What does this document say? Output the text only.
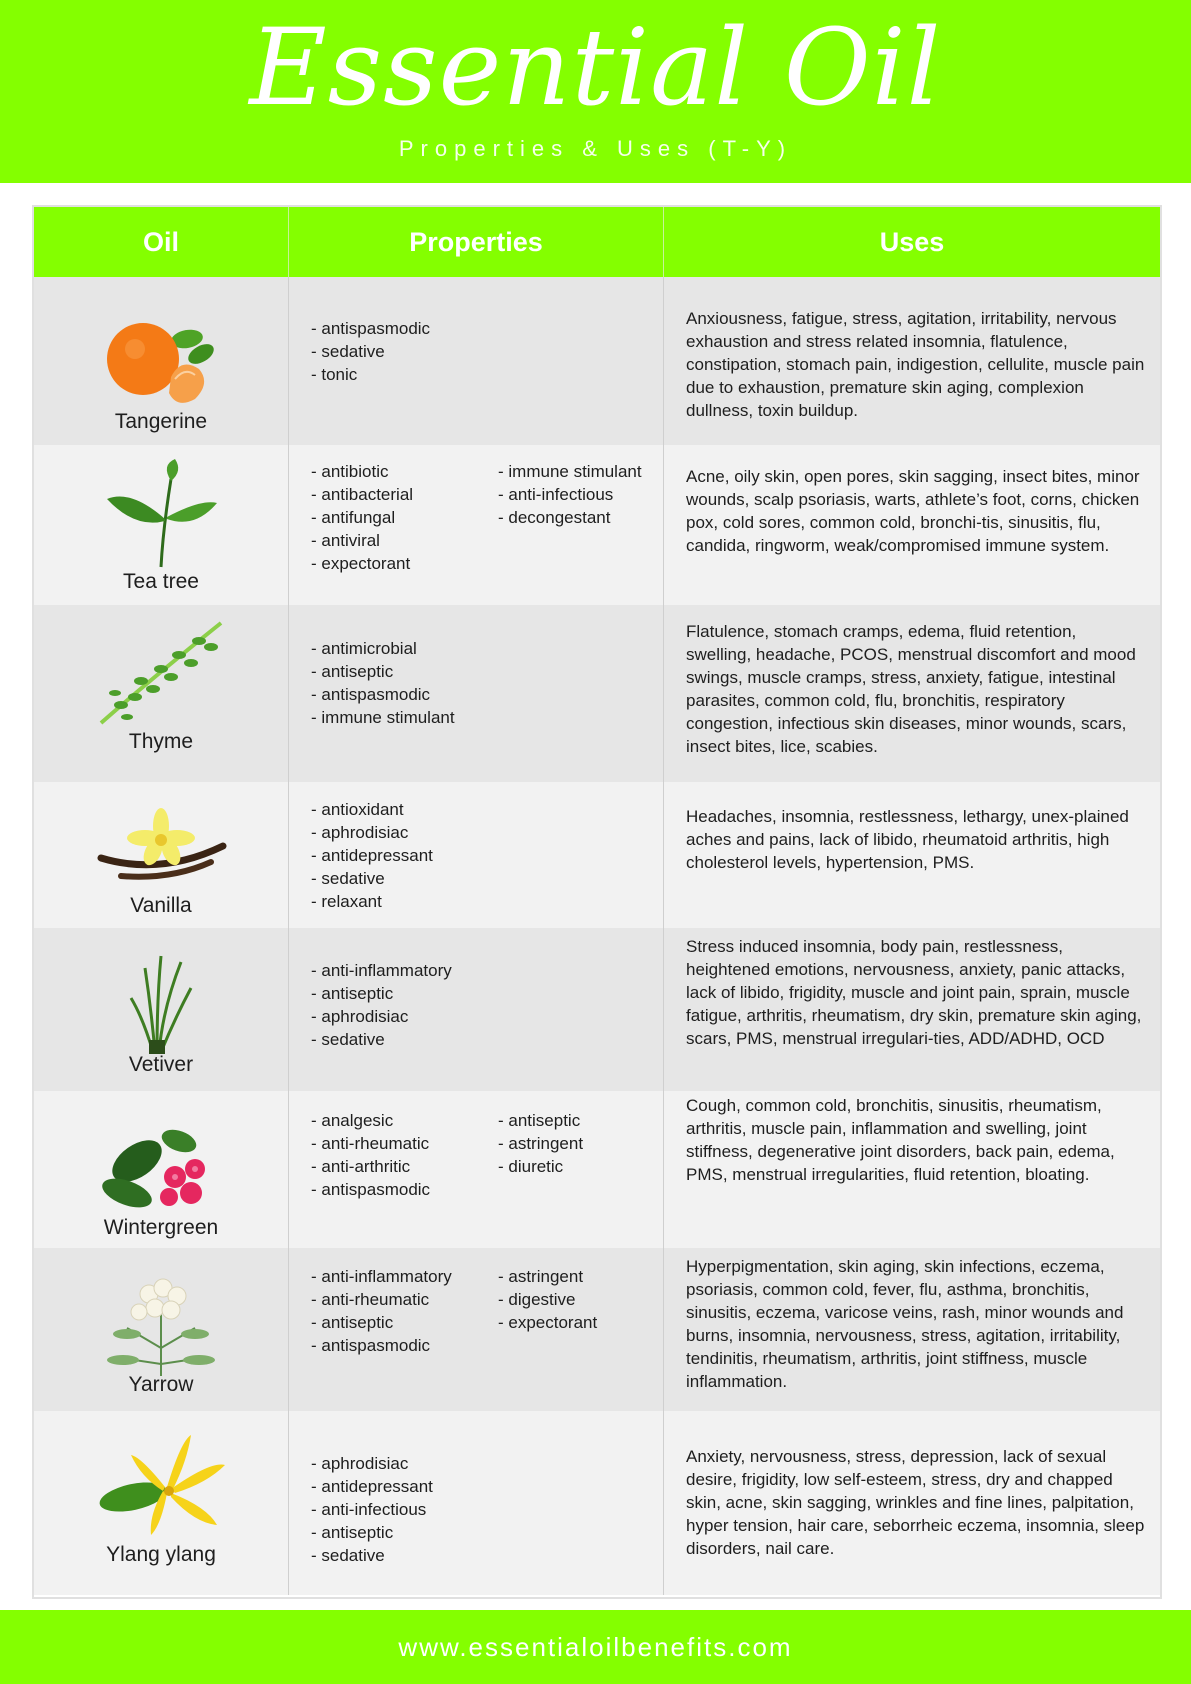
Essential Oil
Properties & Uses (T-Y)
Oil	Properties	Uses
Tangerine
- antispasmodic
- sedative
- tonic

Anxiousness, fatigue, stress, agitation, irritability, nervous exhaustion and stress related insomnia, flatulence, constipation, stomach pain, indigestion, cellulite, muscle pain due to exhaustion, premature skin aging, complexion dullness, toxin buildup.

Tea tree
- antibiotic
- antibacterial
- antifungal
- antiviral
- expectorant
- immune stimulant
- anti-infectious
- decongestant

Acne, oily skin, open pores, skin sagging, insect bites, minor wounds, scalp psoriasis, warts, athlete’s foot, corns, chicken pox, cold sores, common cold, bronchi-tis, sinusitis, flu, candida, ringworm, weak/compromised immune system.

Thyme
- antimicrobial
- antiseptic
- antispasmodic
- immune stimulant

Flatulence, stomach cramps, edema, fluid retention, swelling, headache, PCOS, menstrual discomfort and mood swings, muscle cramps, stress, anxiety, fatigue, intestinal parasites, common cold, flu, bronchitis, respiratory congestion, infectious skin diseases, minor wounds, scars, insect bites, lice, scabies.

Vanilla
- antioxidant
- aphrodisiac
- antidepressant
- sedative
- relaxant

Headaches, insomnia, restlessness, lethargy, unex-plained aches and pains, lack of libido, rheumatoid arthritis, high cholesterol levels, hypertension, PMS.

Vetiver
- anti-inflammatory
- antiseptic
- aphrodisiac
- sedative

Stress induced insomnia, body pain, restlessness, heightened emotions, nervousness, anxiety, panic attacks, lack of libido, frigidity, muscle and joint pain, sprain, muscle fatigue, arthritis, rheumatism, dry skin, premature skin aging, scars, PMS, menstrual irregulari-ties, ADD/ADHD, OCD

Wintergreen
- analgesic
- anti-rheumatic
- anti-arthritic
- antispasmodic
- antiseptic
- astringent
- diuretic

Cough, common cold, bronchitis, sinusitis, rheumatism, arthritis, muscle pain, inflammation and swelling, joint stiffness, degenerative joint disorders, back pain, edema, PMS, menstrual irregularities, fluid retention, bloating.

Yarrow
- anti-inflammatory
- anti-rheumatic
- antiseptic
- antispasmodic
- astringent
- digestive
- expectorant

Hyperpigmentation, skin aging, skin infections, eczema, psoriasis, common cold, fever, flu, asthma, bronchitis, sinusitis, eczema, varicose veins, rash, minor wounds and burns, insomnia, nervousness, stress, agitation, irritability, tendinitis, rheumatism, arthritis, joint stiffness, muscle inflammation.

Ylang ylang
- aphrodisiac
- antidepressant
- anti-infectious
- antiseptic
- sedative

Anxiety, nervousness, stress, depression, lack of sexual desire, frigidity, low self-esteem, stress, dry and chapped skin, acne, skin sagging, wrinkles and fine lines, palpitation, hyper tension, hair care, seborrheic eczema, insomnia, sleep disorders, nail care.

www.essentialoilbenefits.com
